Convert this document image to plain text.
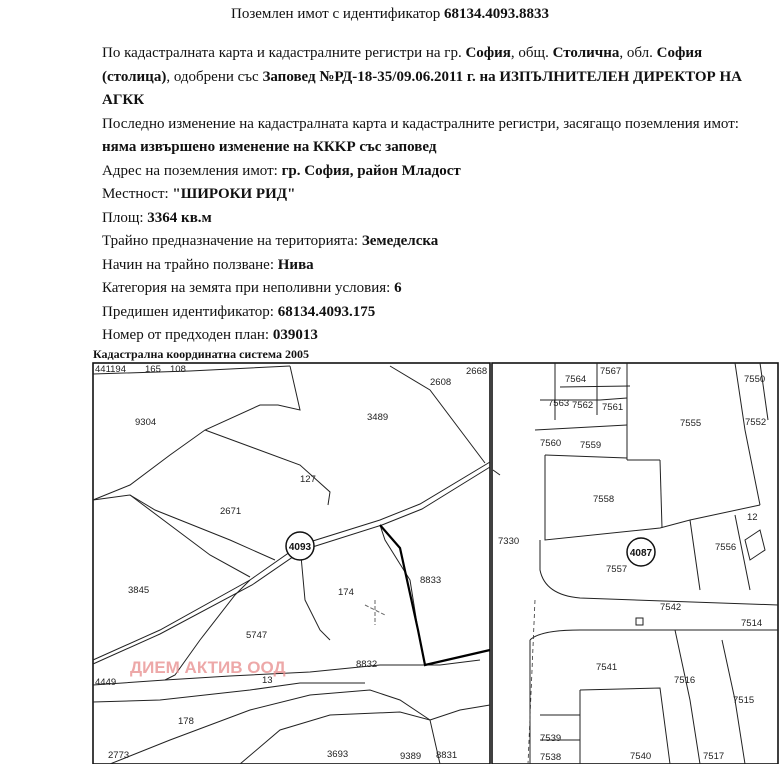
Поземлен имот с идентификатор 68134.4093.8833

По кадастралната карта и кадастралните регистри на гр. София, общ. Столична, обл. София (столица), одобрени със Заповед №РД-18-35/09.06.2011 г. на ИЗПЪЛНИТЕЛЕН ДИРЕКТОР НА АГКК

Последно изменение на кадастралната карта и кадастралните регистри, засягащо поземления имот: няма извършено изменение на ККKР със заповед

Адрес на поземления имот: гр. София, район Младост

Местност: "ШИРОКИ РИД"

Площ: 3364 кв.м

Трайно предназначение на територията: Земеделска

Начин на трайно ползване: Нива

Категория на земята при неполивни условия: 6

Предишен идентификатор: 68134.4093.175

Номер от предходен план: 039013

Кадастрална координатна система 2005
4093
4087
441194 165 108
2608
2668
9304	3489
127
2671
3845	174
8833
5747
8832
4449	13
178
2773	3693	9389 8831
7564
7567
7550
7563 7562 7561
7555	7552
7560 7559
7558
12
7330
7556
7557
7542
7514
7541
7516
7515
7539
7538	7540	7517
ДИЕМ АКТИВ ООД
